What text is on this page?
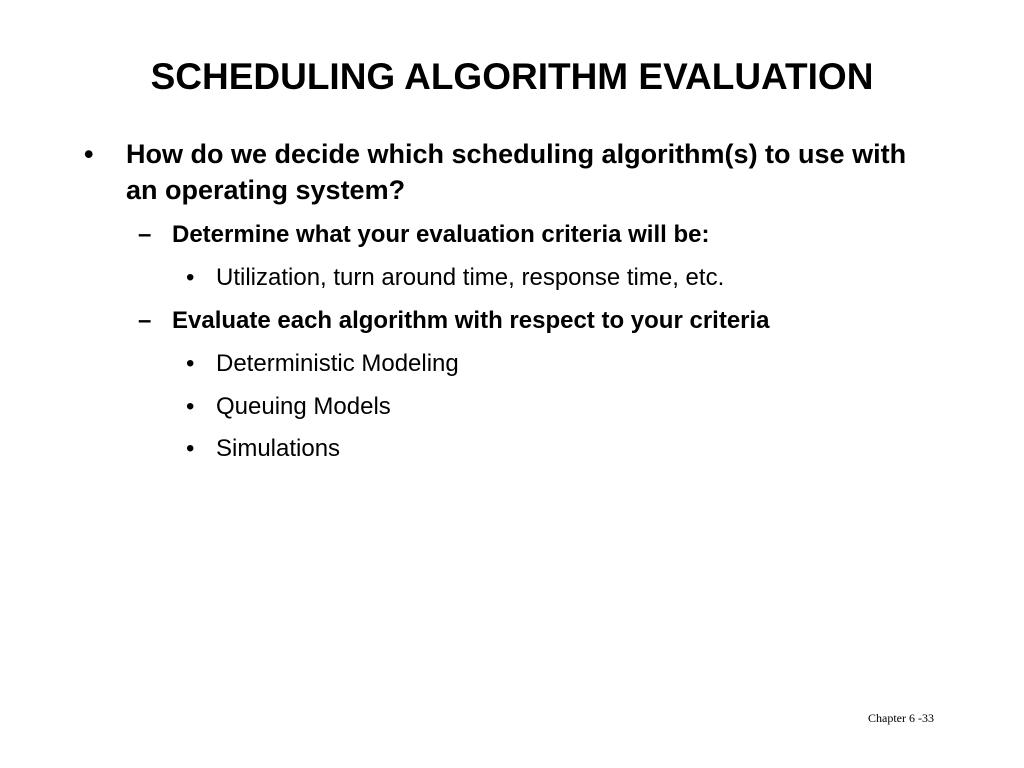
SCHEDULING ALGORITHM EVALUATION
•	How do we decide which scheduling algorithm(s) to use with an operating system?
– Determine what your evaluation criteria will be:
• Utilization, turn around time, response time, etc.
– Evaluate each algorithm with respect to your criteria
• Deterministic Modeling
• Queuing Models
• Simulations
Chapter 6 -33
